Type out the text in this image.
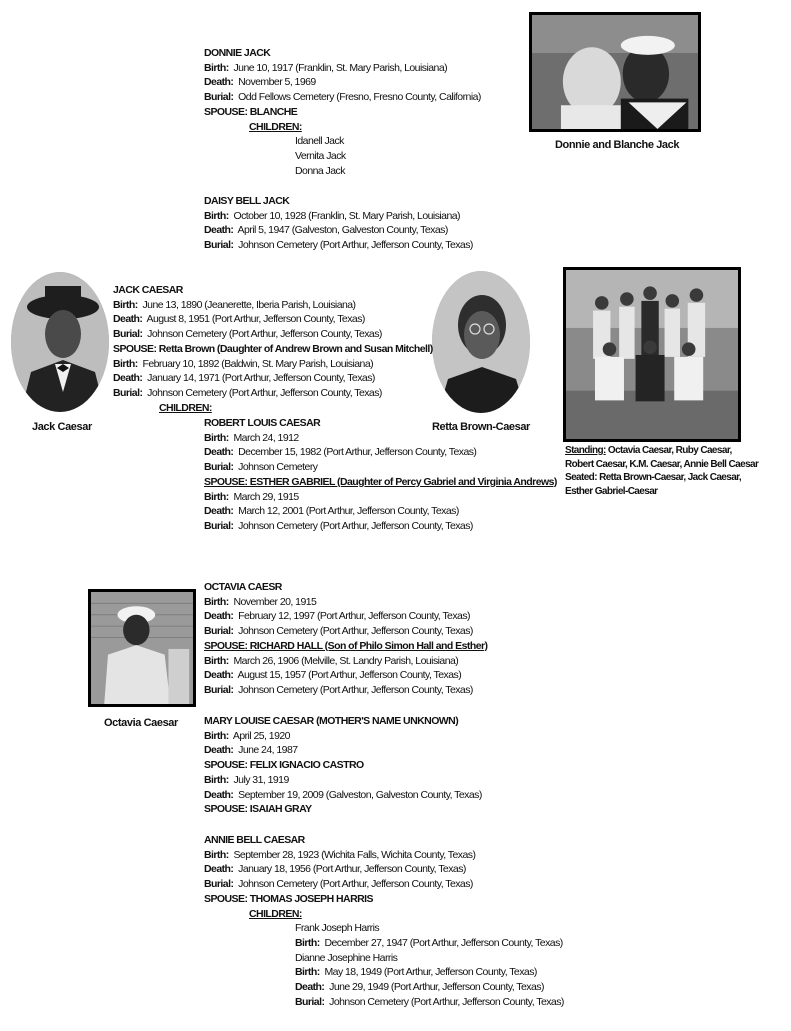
Donnie and Blanche Jack
Jack Caesar	Retta Brown-Caesar
Standing: Octavia Caesar, Ruby Caesar,
Robert Caesar, K.M. Caesar, Annie Bell Caesar
Seated: Retta Brown-Caesar, Jack Caesar,
Esther Gabriel-Caesar
Octavia Caesar
DONNIE JACK
Birth: June 10, 1917 (Franklin, St. Mary Parish, Louisiana)
Death: November 5, 1969
Burial: Odd Fellows Cemetery (Fresno, Fresno County, California)
SPOUSE: BLANCHE
CHILDREN:
Idanell Jack
Vernita Jack
Donna Jack
DAISY BELL JACK
Birth: October 10, 1928 (Franklin, St. Mary Parish, Louisiana)
Death: April 5, 1947 (Galveston, Galveston County, Texas)
Burial: Johnson Cemetery (Port Arthur, Jefferson County, Texas)
JACK CAESAR
Birth: June 13, 1890 (Jeanerette, Iberia Parish, Louisiana)
Death: August 8, 1951 (Port Arthur, Jefferson County, Texas)
Burial: Johnson Cemetery (Port Arthur, Jefferson County, Texas)
SPOUSE: Retta Brown (Daughter of Andrew Brown and Susan Mitchell)
Birth: February 10, 1892 (Baldwin, St. Mary Parish, Louisiana)
Death: January 14, 1971 (Port Arthur, Jefferson County, Texas)
Burial: Johnson Cemetery (Port Arthur, Jefferson County, Texas)
CHILDREN:
ROBERT LOUIS CAESAR
Birth: March 24, 1912
Death: December 15, 1982 (Port Arthur, Jefferson County, Texas)
Burial: Johnson Cemetery
SPOUSE: ESTHER GABRIEL (Daughter of Percy Gabriel and Virginia Andrews)
Birth: March 29, 1915
Death: March 12, 2001 (Port Arthur, Jefferson County, Texas)
Burial: Johnson Cemetery (Port Arthur, Jefferson County, Texas)
OCTAVIA CAESR
Birth: November 20, 1915
Death: February 12, 1997 (Port Arthur, Jefferson County, Texas)
Burial: Johnson Cemetery (Port Arthur, Jefferson County, Texas)
SPOUSE: RICHARD HALL (Son of Philo Simon Hall and Esther)
Birth: March 26, 1906 (Melville, St. Landry Parish, Louisiana)
Death: August 15, 1957 (Port Arthur, Jefferson County, Texas)
Burial: Johnson Cemetery (Port Arthur, Jefferson County, Texas)
MARY LOUISE CAESAR (MOTHER'S NAME UNKNOWN)
Birth: April 25, 1920
Death: June 24, 1987
SPOUSE: FELIX IGNACIO CASTRO
Birth: July 31, 1919
Death: September 19, 2009 (Galveston, Galveston County, Texas)
SPOUSE: ISAIAH GRAY
ANNIE BELL CAESAR
Birth: September 28, 1923 (Wichita Falls, Wichita County, Texas)
Death: January 18, 1956 (Port Arthur, Jefferson County, Texas)
Burial: Johnson Cemetery (Port Arthur, Jefferson County, Texas)
SPOUSE: THOMAS JOSEPH HARRIS
CHILDREN:
Frank Joseph Harris
Birth: December 27, 1947 (Port Arthur, Jefferson County, Texas)
Dianne Josephine Harris
Birth: May 18, 1949 (Port Arthur, Jefferson County, Texas)
Death: June 29, 1949 (Port Arthur, Jefferson County, Texas)
Burial: Johnson Cemetery (Port Arthur, Jefferson County, Texas)
